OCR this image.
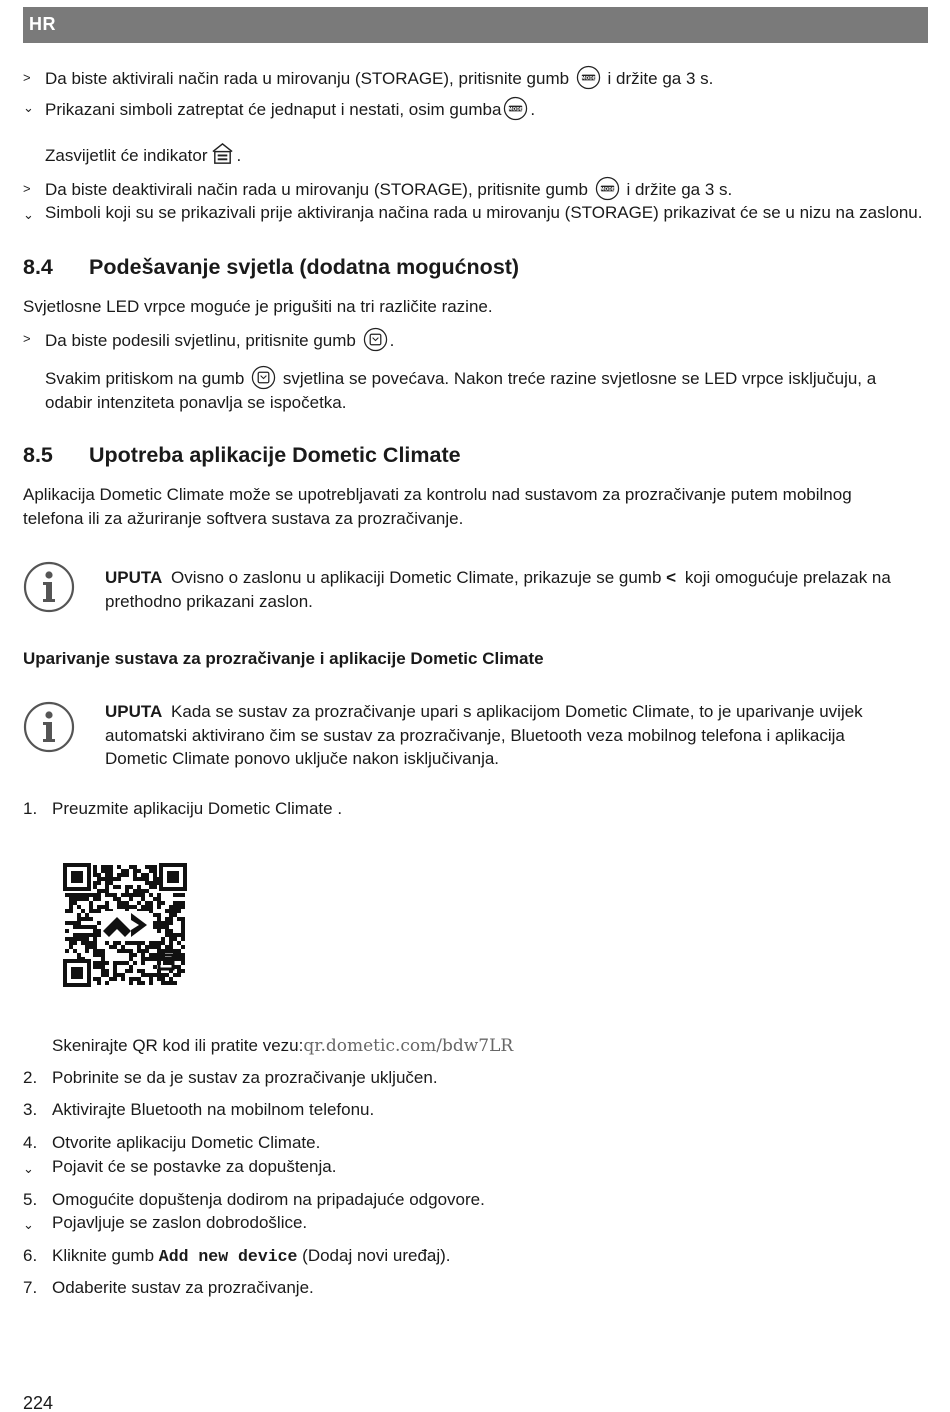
HR
> Da biste aktivirali način rada u mirovanju (STORAGE), pritisnite gumb	MODE i držite ga 3 s.
⌄ Prikazani simboli zatreptat će jednaput i nestati, osim gumba MODE .
Zasvijetlit će indikator .
> Da biste deaktivirali način rada u mirovanju (STORAGE), pritisnite gumb	MODE i držite ga 3 s.
⌄ Simboli koji su se prikazivali prije aktiviranja načina rada u mirovanju (STORAGE) prikazivat će se u nizu na zaslonu.
8.4 Podešavanje svjetla (dodatna mogućnost)
Svjetlosne LED vrpce moguće je prigušiti na tri različite razine.
> Da biste podesili svjetlinu, pritisnite gumb .
Svakim pritiskom na gumb svjetlina se povećava. Nakon treće razine svjetlosne se LED vrpce isključuju, a
odabir intenziteta ponavlja se ispočetka.
8.5 Upotreba aplikacije Dometic Climate
Aplikacija Dometic Climate može se upotrebljavati za kontrolu nad sustavom za prozračivanje putem mobilnog
telefona ili za ažuriranje softvera sustava za prozračivanje.
UPUTA Ovisno o zaslonu u aplikaciji Dometic Climate, prikazuje se gumb < koji omogućuje prelazak na
prethodno prikazani zaslon.
Uparivanje sustava za prozračivanje i aplikacije Dometic Climate
UPUTA Kada se sustav za prozračivanje upari s aplikacijom Dometic Climate, to je uparivanje uvijek
automatski aktivirano čim se sustav za prozračivanje, Bluetooth veza mobilnog telefona i aplikacija
Dometic Climate ponovo uključe nakon isključivanja.
1. Preuzmite aplikaciju Dometic Climate .
Skenirajte QR kod ili pratite vezu:qr.dometic.com/bdw7LR
2. Pobrinite se da je sustav za prozračivanje uključen.
3. Aktivirajte Bluetooth na mobilnom telefonu.
4. Otvorite aplikaciju Dometic Climate.
⌄ Pojavit će se postavke za dopuštenja.
5. Omogućite dopuštenja dodirom na pripadajuće odgovore.
⌄ Pojavljuje se zaslon dobrodošlice.
6. Kliknite gumb Add new device (Dodaj novi uređaj).
7. Odaberite sustav za prozračivanje.
224
